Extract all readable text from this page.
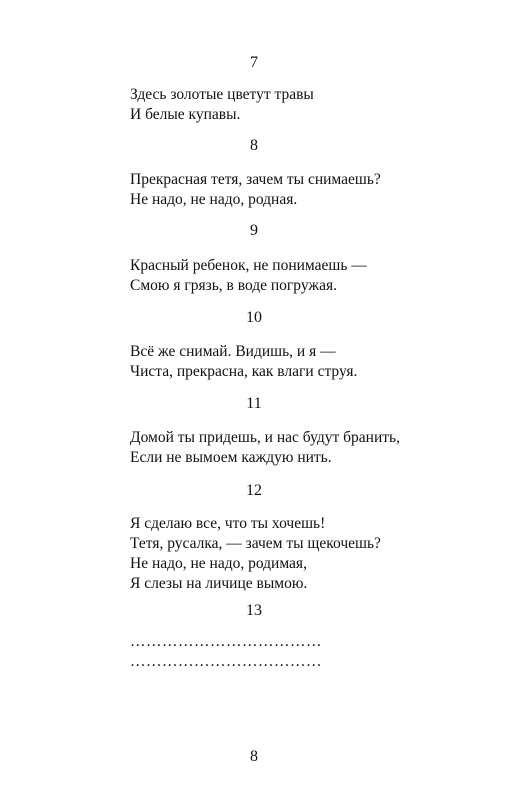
7
Здесь золотые цветут травы
И белые купавы.
8
Прекрасная тетя, зачем ты снимаешь?
Не надо, не надо, родная.
9
Красный ребенок, не понимаешь —
Смою я грязь, в воде погружая.
10
Всё же снимай. Видишь, и я —
Чиста, прекрасна, как влаги струя.
11
Домой ты придешь, и нас будут бранить,
Если не вымоем каждую нить.
12
Я сделаю все, что ты хочешь!
Тетя, русалка, — зачем ты щекочешь?
Не надо, не надо, родимая,
Я слезы на личице вымою.
13
………………………………
………………………………
8
